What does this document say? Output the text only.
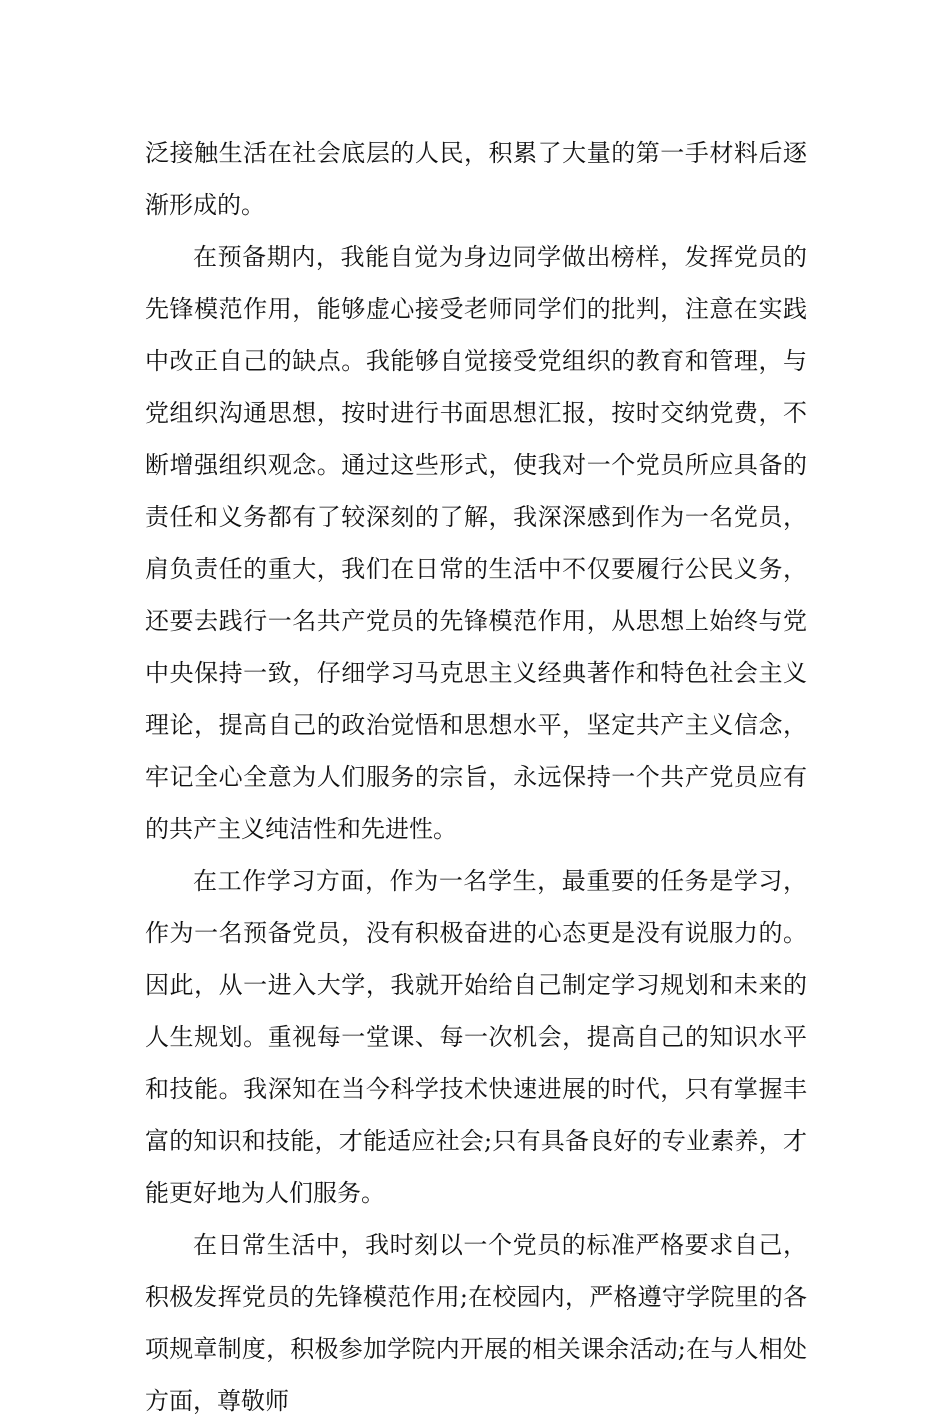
泛接触生活在社会底层的人民，积累了大量的第一手材料后逐渐形成的。

在预备期内，我能自觉为身边同学做出榜样，发挥党员的先锋模范作用，能够虚心接受老师同学们的批判，注意在实践中改正自己的缺点。我能够自觉接受党组织的教育和管理，与党组织沟通思想，按时进行书面思想汇报，按时交纳党费，不断增强组织观念。通过这些形式，使我对一个党员所应具备的责任和义务都有了较深刻的了解，我深深感到作为一名党员，肩负责任的重大，我们在日常的生活中不仅要履行公民义务，还要去践行一名共产党员的先锋模范作用，从思想上始终与党中央保持一致，仔细学习马克思主义经典著作和特色社会主义理论，提高自己的政治觉悟和思想水平，坚定共产主义信念，牢记全心全意为人们服务的宗旨，永远保持一个共产党员应有的共产主义纯洁性和先进性。

在工作学习方面，作为一名学生，最重要的任务是学习，作为一名预备党员，没有积极奋进的心态更是没有说服力的。因此，从一进入大学，我就开始给自己制定学习规划和未来的人生规划。重视每一堂课、每一次机会，提高自己的知识水平和技能。我深知在当今科学技术快速进展的时代，只有掌握丰富的知识和技能，才能适应社会;只有具备良好的专业素养，才能更好地为人们服务。

在日常生活中，我时刻以一个党员的标准严格要求自己，积极发挥党员的先锋模范作用;在校园内，严格遵守学院里的各项规章制度，积极参加学院内开展的相关课余活动;在与人相处方面，尊敬师
